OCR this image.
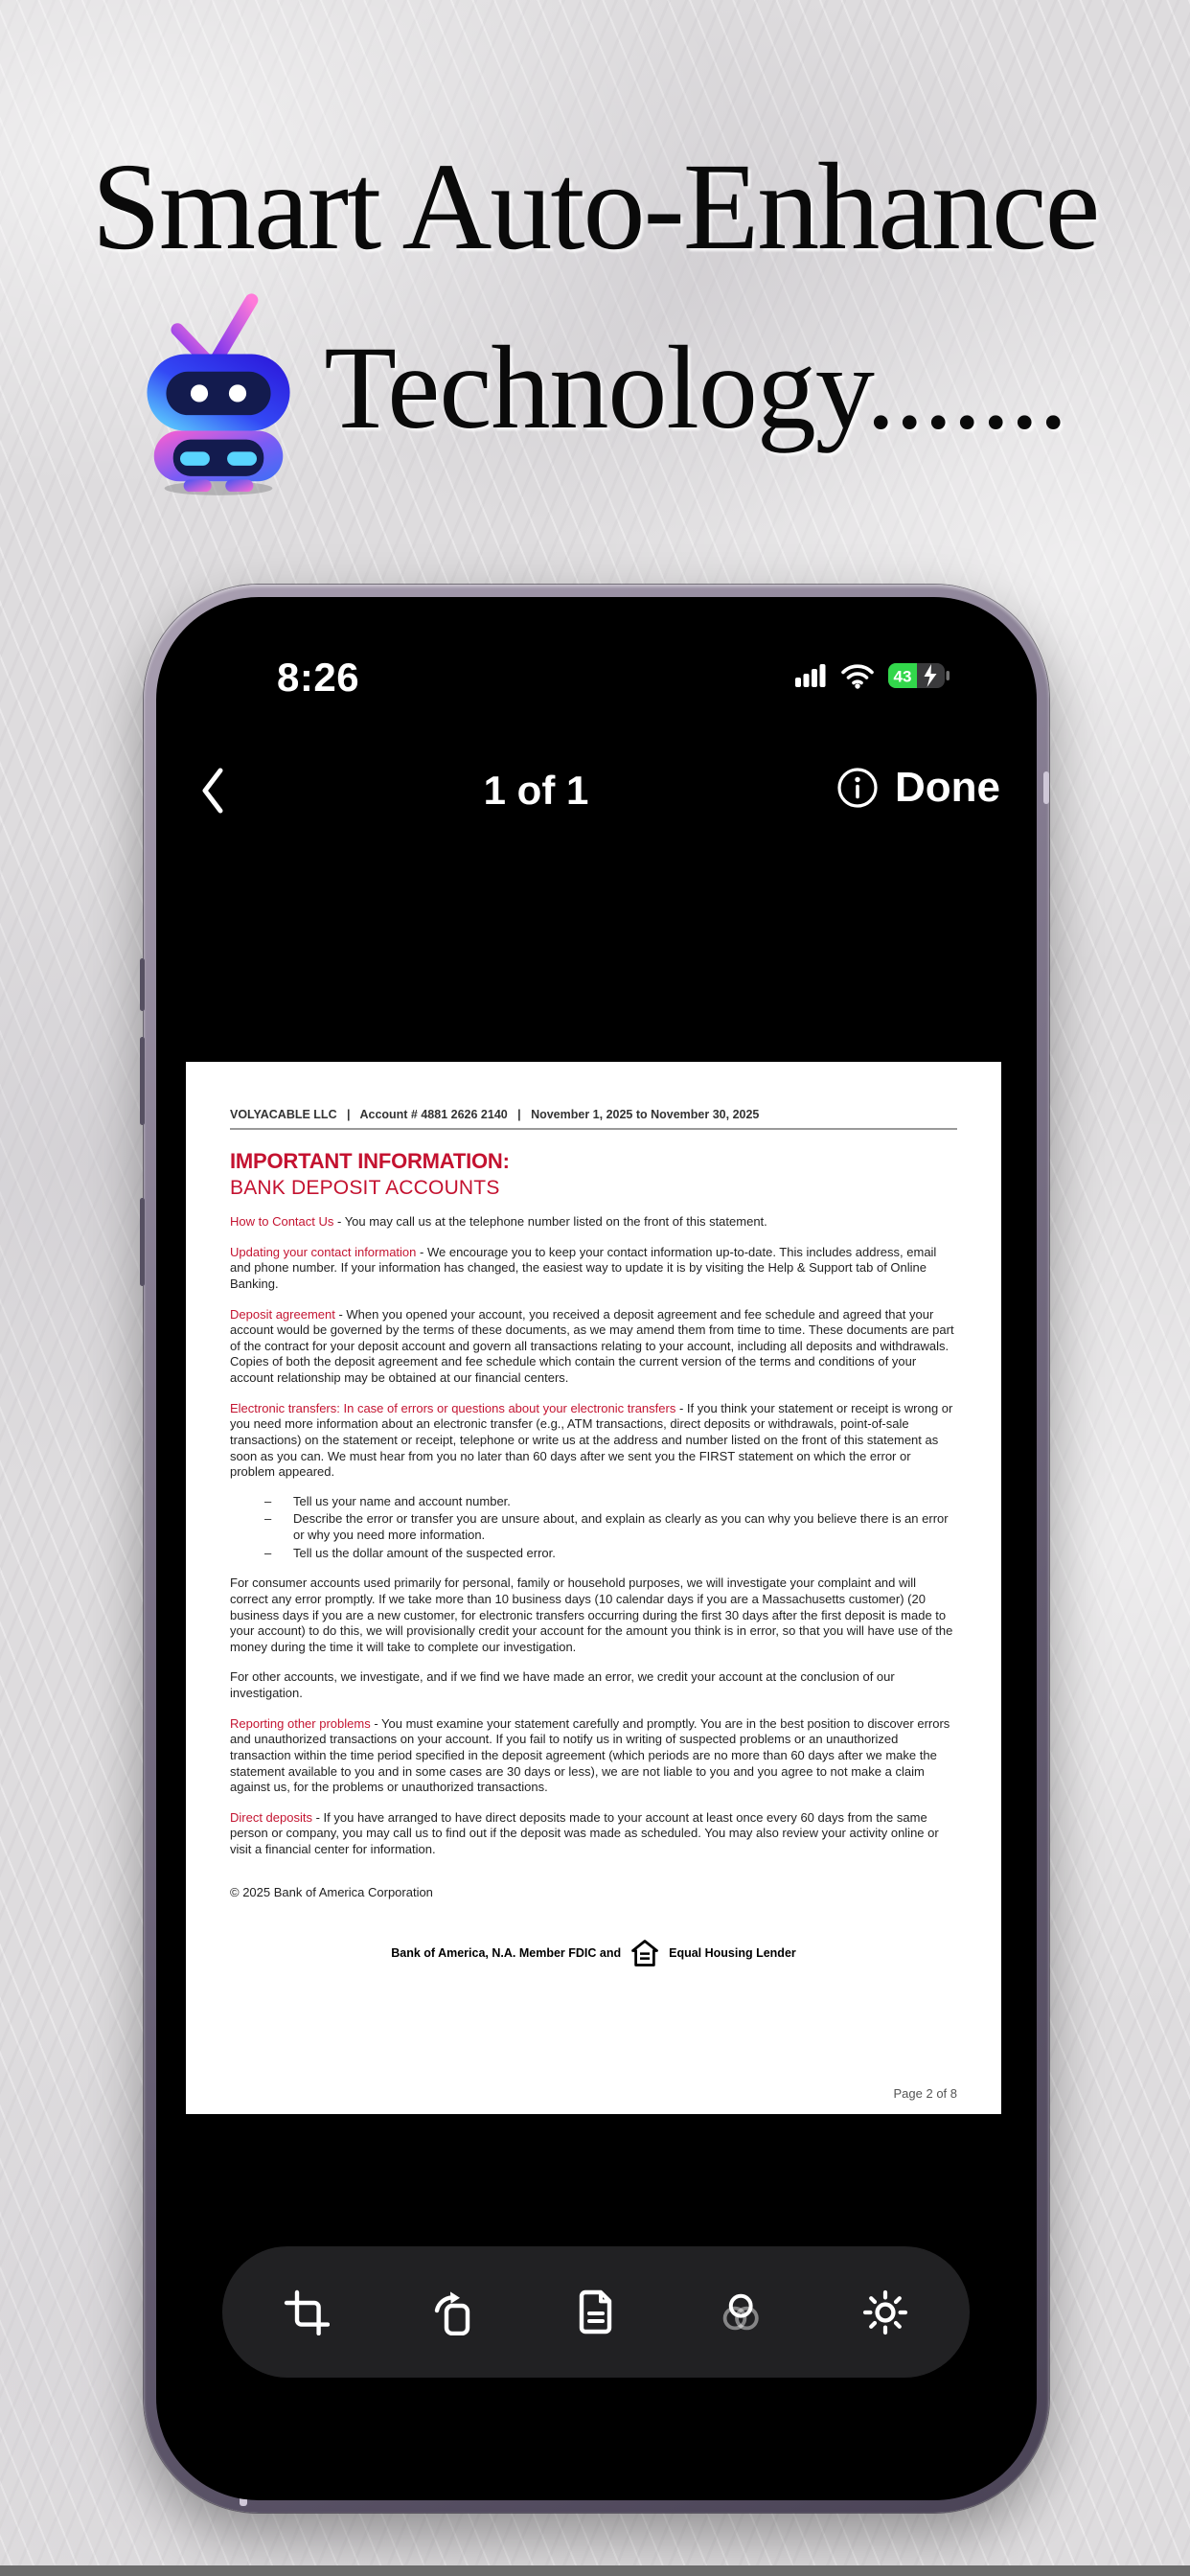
Smart Auto-Enhance
Technology.......
8:26	43
1 of 1	Done
VOLYACABLE LLC   |   Account # 4881 2626 2140   |   November 1, 2025 to November 30, 2025
IMPORTANT INFORMATION:
BANK DEPOSIT ACCOUNTS
How to Contact Us - You may call us at the telephone number listed on the front of this statement.
Updating your contact information - We encourage you to keep your contact information up-to-date. This includes address, email and phone number. If your information has changed, the easiest way to update it is by visiting the Help & Support tab of Online Banking.
Deposit agreement - When you opened your account, you received a deposit agreement and fee schedule and agreed that your account would be governed by the terms of these documents, as we may amend them from time to time. These documents are part of the contract for your deposit account and govern all transactions relating to your account, including all deposits and withdrawals. Copies of both the deposit agreement and fee schedule which contain the current version of the terms and conditions of your account relationship may be obtained at our financial centers.
Electronic transfers: In case of errors or questions about your electronic transfers - If you think your statement or receipt is wrong or you need more information about an electronic transfer (e.g., ATM transactions, direct deposits or withdrawals, point-of-sale transactions) on the statement or receipt, telephone or write us at the address and number listed on the front of this statement as soon as you can. We must hear from you no later than 60 days after we sent you the FIRST statement on which the error or problem appeared.
–	Tell us your name and account number.
–	Describe the error or transfer you are unsure about, and explain as clearly as you can why you believe there is an error or why you need more information.
–	Tell us the dollar amount of the suspected error.
For consumer accounts used primarily for personal, family or household purposes, we will investigate your complaint and will correct any error promptly. If we take more than 10 business days (10 calendar days if you are a Massachusetts customer) (20 business days if you are a new customer, for electronic transfers occurring during the first 30 days after the first deposit is made to your account) to do this, we will provisionally credit your account for the amount you think is in error, so that you will have use of the money during the time it will take to complete our investigation.
For other accounts, we investigate, and if we find we have made an error, we credit your account at the conclusion of our investigation.
Reporting other problems - You must examine your statement carefully and promptly. You are in the best position to discover errors and unauthorized transactions on your account. If you fail to notify us in writing of suspected problems or an unauthorized transaction within the time period specified in the deposit agreement (which periods are no more than 60 days after we make the statement available to you and in some cases are 30 days or less), we are not liable to you and you agree to not make a claim against us, for the problems or unauthorized transactions.
Direct deposits - If you have arranged to have direct deposits made to your account at least once every 60 days from the same person or company, you may call us to find out if the deposit was made as scheduled. You may also review your activity online or visit a financial center for information.
© 2025 Bank of America Corporation
Bank of America, N.A. Member FDIC and	Equal Housing Lender
Page 2 of 8
